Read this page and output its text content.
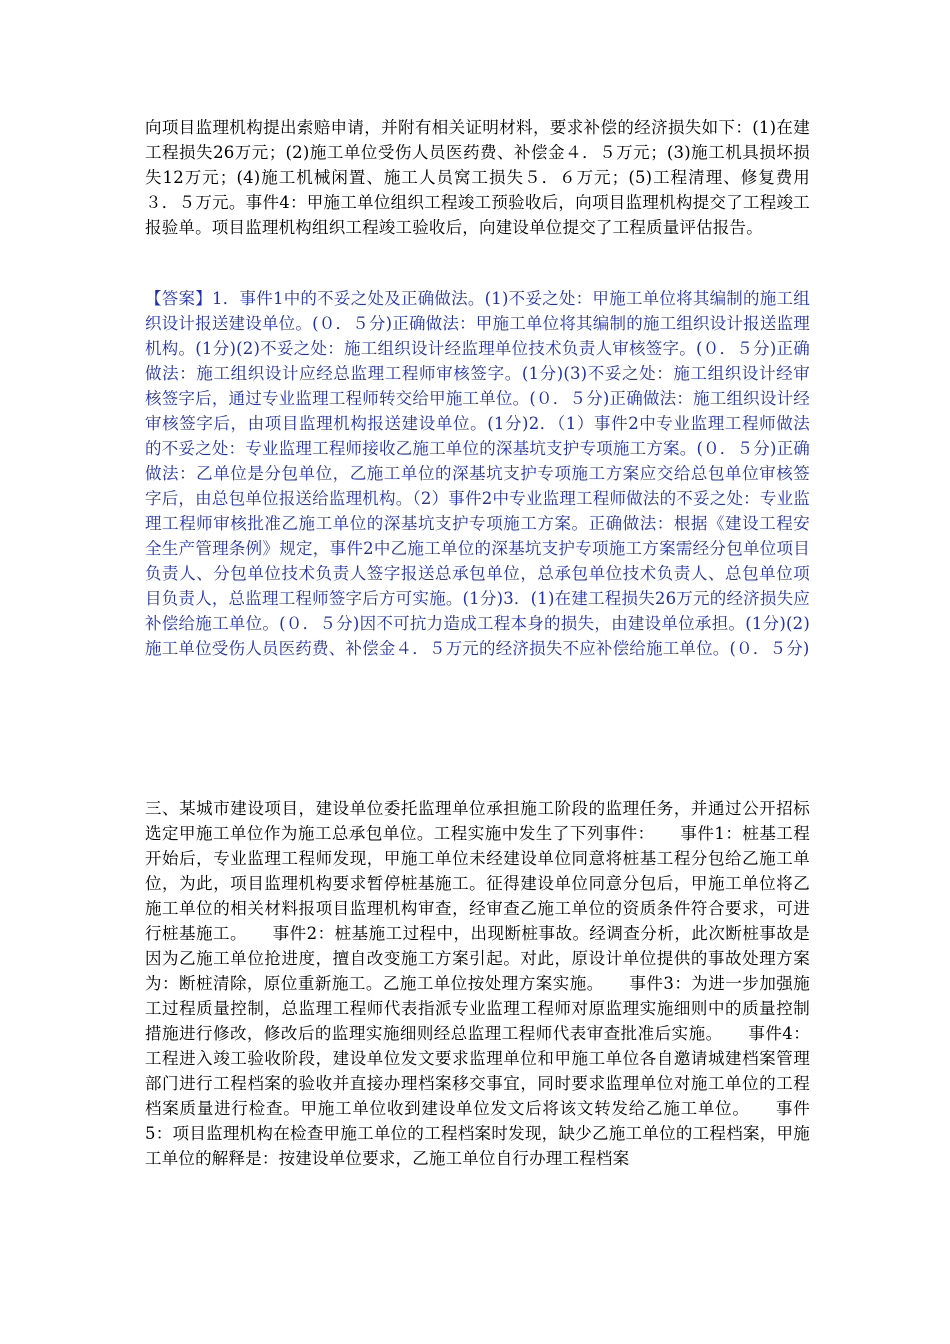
向项目监理机构提出索赔申请，并附有相关证明材料，要求补偿的经济损失如下：(1)在建工程损失26万元；(2)施工单位受伤人员医药费、补偿金４．５万元；(3)施工机具损坏损失12万元；(4)施工机械闲置、施工人员窝工损失５．６万元；(5)工程清理、修复费用３．５万元。事件4：甲施工单位组织工程竣工预验收后，向项目监理机构提交了工程竣工报验单。项目监理机构组织工程竣工验收后，向建设单位提交了工程质量评估报告。

【答案】1．事件1中的不妥之处及正确做法。(1)不妥之处：甲施工单位将其编制的施工组织设计报送建设单位。(０．５分)正确做法：甲施工单位将其编制的施工组织设计报送监理机构。(1分)(2)不妥之处：施工组织设计经监理单位技术负责人审核签字。(０．５分)正确做法：施工组织设计应经总监理工程师审核签字。(1分)(3)不妥之处：施工组织设计经审核签字后，通过专业监理工程师转交给甲施工单位。(０．５分)正确做法：施工组织设计经审核签字后，由项目监理机构报送建设单位。(1分)2．（1）事件2中专业监理工程师做法的不妥之处：专业监理工程师接收乙施工单位的深基坑支护专项施工方案。(０．５分)正确做法：乙单位是分包单位，乙施工单位的深基坑支护专项施工方案应交给总包单位审核签字后，由总包单位报送给监理机构。（2）事件2中专业监理工程师做法的不妥之处：专业监理工程师审核批准乙施工单位的深基坑支护专项施工方案。正确做法：根据《建设工程安全生产管理条例》规定，事件2中乙施工单位的深基坑支护专项施工方案需经分包单位项目负责人、分包单位技术负责人签字报送总承包单位，总承包单位技术负责人、总包单位项目负责人，总监理工程师签字后方可实施。(1分)3．(1)在建工程损失26万元的经济损失应补偿给施工单位。(０．５分)因不可抗力造成工程本身的损失，由建设单位承担。(1分)(2)施工单位受伤人员医药费、补偿金４．５万元的经济损失不应补偿给施工单位。(０．５分)

三、某城市建设项目，建设单位委托监理单位承担施工阶段的监理任务，并通过公开招标选定甲施工单位作为施工总承包单位。工程实施中发生了下列事件：　　事件1：桩基工程开始后，专业监理工程师发现，甲施工单位未经建设单位同意将桩基工程分包给乙施工单位，为此，项目监理机构要求暂停桩基施工。征得建设单位同意分包后，甲施工单位将乙施工单位的相关材料报项目监理机构审查，经审查乙施工单位的资质条件符合要求，可进行桩基施工。　　事件2：桩基施工过程中，出现断桩事故。经调查分析，此次断桩事故是因为乙施工单位抢进度，擅自改变施工方案引起。对此，原设计单位提供的事故处理方案为：断桩清除，原位重新施工。乙施工单位按处理方案实施。　　事件3：为进一步加强施工过程质量控制，总监理工程师代表指派专业监理工程师对原监理实施细则中的质量控制措施进行修改，修改后的监理实施细则经总监理工程师代表审查批准后实施。　　事件4：工程进入竣工验收阶段，建设单位发文要求监理单位和甲施工单位各自邀请城建档案管理部门进行工程档案的验收并直接办理档案移交事宜，同时要求监理单位对施工单位的工程档案质量进行检查。甲施工单位收到建设单位发文后将该文转发给乙施工单位。　　事件5：项目监理机构在检查甲施工单位的工程档案时发现，缺少乙施工单位的工程档案，甲施工单位的解释是：按建设单位要求，乙施工单位自行办理工程档案
